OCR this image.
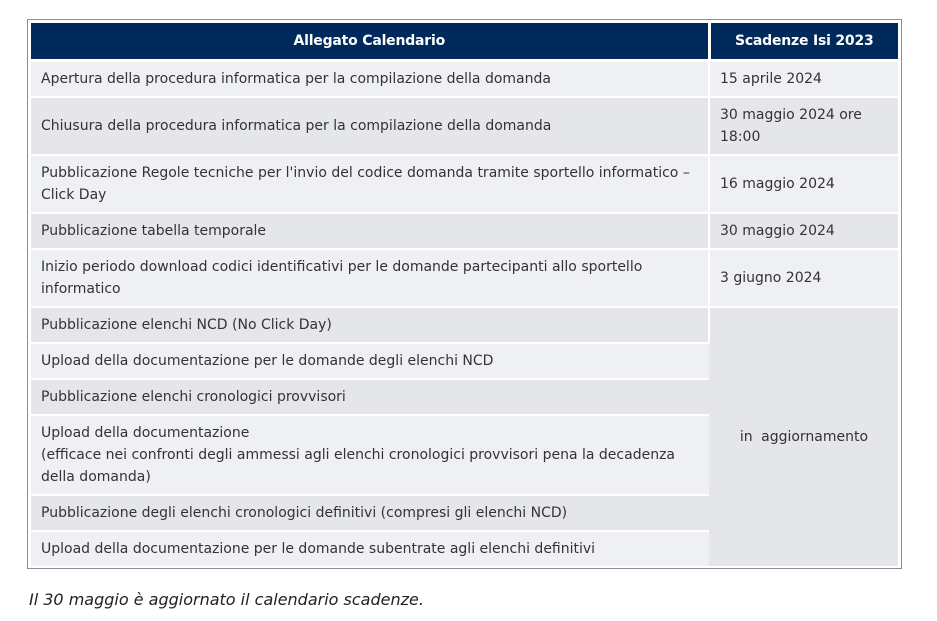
Allegato Calendario	Scadenze Isi 2023
Apertura della procedura informatica per la compilazione della domanda	15 aprile 2024
Chiusura della procedura informatica per la compilazione della domanda	30 maggio 2024 ore 18:00
Pubblicazione Regole tecniche per l'invio del codice domanda tramite sportello informatico – Click Day	16 maggio 2024
Pubblicazione tabella temporale	30 maggio 2024
Inizio periodo download codici identificativi per le domande partecipanti allo sportello informatico	3 giugno 2024
Pubblicazione elenchi NCD (No Click Day)	in aggiornamento
Upload della documentazione per le domande degli elenchi NCD	
Pubblicazione elenchi cronologici provvisori	

Upload della documentazione
(efficace nei confronti degli ammessi agli elenchi cronologici provvisori pena la decadenza della domanda)	

Pubblicazione degli elenchi cronologici definitivi (compresi gli elenchi NCD)	
Upload della documentazione per le domande subentrate agli elenchi definitivi	
Il 30 maggio è aggiornato il calendario scadenze.
